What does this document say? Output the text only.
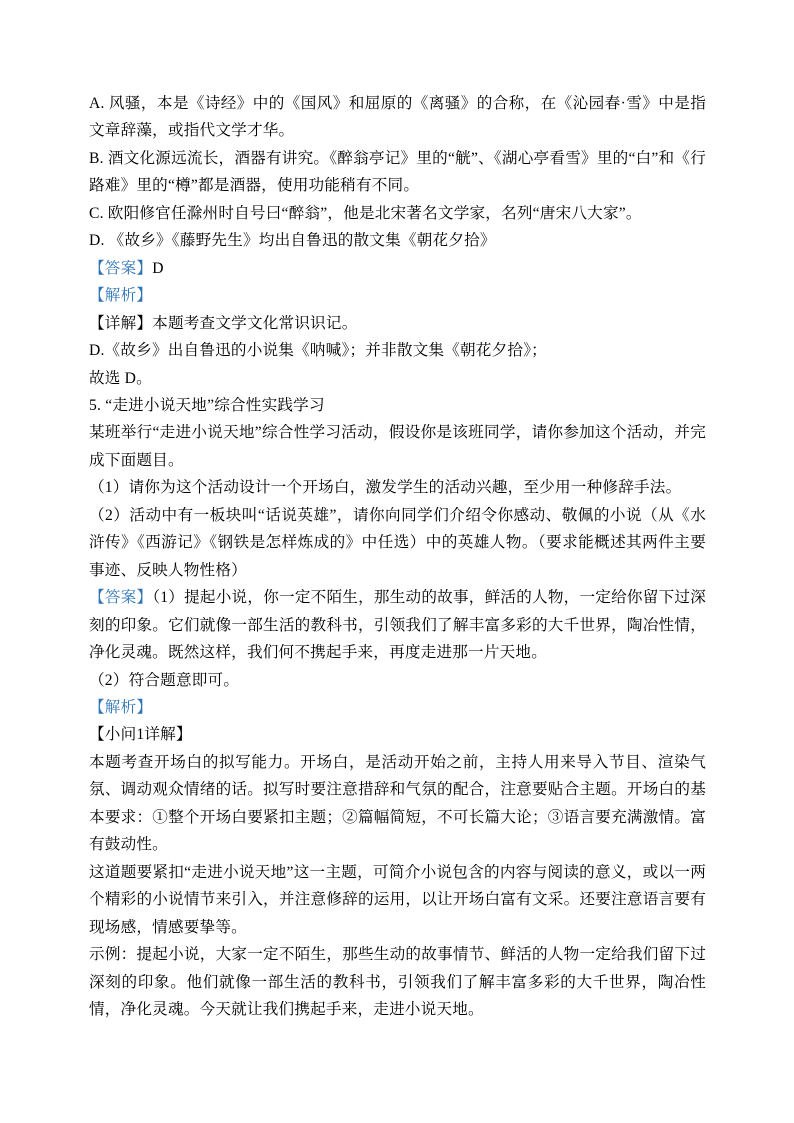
A. 风骚，本是《诗经》中的《国风》和屈原的《离骚》的合称，在《沁园春·雪》中是指文章辞藻，或指代文学才华。

B. 酒文化源远流长，酒器有讲究。《醉翁亭记》里的“觥”、《湖心亭看雪》里的“白”和《行路难》里的“樽”都是酒器，使用功能稍有不同。

C. 欧阳修官任滁州时自号曰“醉翁”，他是北宋著名文学家，名列“唐宋八大家”。

D. 《故乡》《藤野先生》均出自鲁迅的散文集《朝花夕拾》

【答案】D

【解析】

【详解】本题考查文学文化常识识记。

D.《故乡》出自鲁迅的小说集《呐喊》；并非散文集《朝花夕拾》；

故选 D。

5. “走进小说天地”综合性实践学习

某班举行“走进小说天地”综合性学习活动，假设你是该班同学，请你参加这个活动，并完成下面题目。

（1）请你为这个活动设计一个开场白，激发学生的活动兴趣，至少用一种修辞手法。

（2）活动中有一板块叫“话说英雄”，请你向同学们介绍令你感动、敬佩的小说（从《水浒传》《西游记》《钢铁是怎样炼成的》中任选）中的英雄人物。（要求能概述其两件主要事迹、反映人物性格）

【答案】（1）提起小说，你一定不陌生，那生动的故事，鲜活的人物，一定给你留下过深刻的印象。它们就像一部生活的教科书，引领我们了解丰富多彩的大千世界，陶冶性情，净化灵魂。既然这样，我们何不携起手来，再度走进那一片天地。

（2）符合题意即可。

【解析】

【小问1详解】

本题考查开场白的拟写能力。开场白，是活动开始之前，主持人用来导入节目、渲染气氛、调动观众情绪的话。拟写时要注意措辞和气氛的配合，注意要贴合主题。开场白的基本要求：①整个开场白要紧扣主题；②篇幅简短，不可长篇大论；③语言要充满激情。富有鼓动性。

这道题要紧扣“走进小说天地”这一主题，可简介小说包含的内容与阅读的意义，或以一两个精彩的小说情节来引入，并注意修辞的运用，以让开场白富有文采。还要注意语言要有现场感，情感要挚等。

示例：提起小说，大家一定不陌生，那些生动的故事情节、鲜活的人物一定给我们留下过深刻的印象。他们就像一部生活的教科书，引领我们了解丰富多彩的大千世界，陶冶性情，净化灵魂。今天就让我们携起手来，走进小说天地。
